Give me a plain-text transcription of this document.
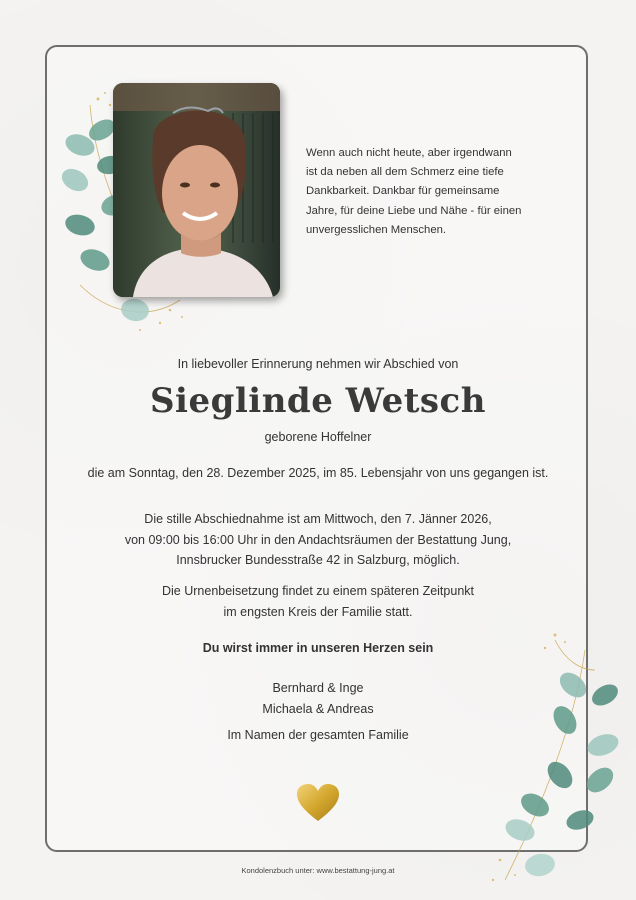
Wenn auch nicht heute, aber irgendwann
ist da neben all dem Schmerz eine tiefe
Dankbarkeit. Dankbar für gemeinsame
Jahre, für deine Liebe und Nähe - für einen
unvergesslichen Menschen.
In liebevoller Erinnerung nehmen wir Abschied von
Sieglinde Wetsch
geborene Hoffelner
die am Sonntag, den 28. Dezember 2025, im 85. Lebensjahr von uns gegangen ist.
Die stille Abschiednahme ist am Mittwoch, den 7. Jänner 2026,
von 09:00 bis 16:00 Uhr in den Andachtsräumen der Bestattung Jung,
Innsbrucker Bundesstraße 42 in Salzburg, möglich.
Die Urnenbeisetzung findet zu einem späteren Zeitpunkt
im engsten Kreis der Familie statt.
Du wirst immer in unseren Herzen sein
Bernhard & Inge
Michaela & Andreas
Im Namen der gesamten Familie
Kondolenzbuch unter: www.bestattung-jung.at
